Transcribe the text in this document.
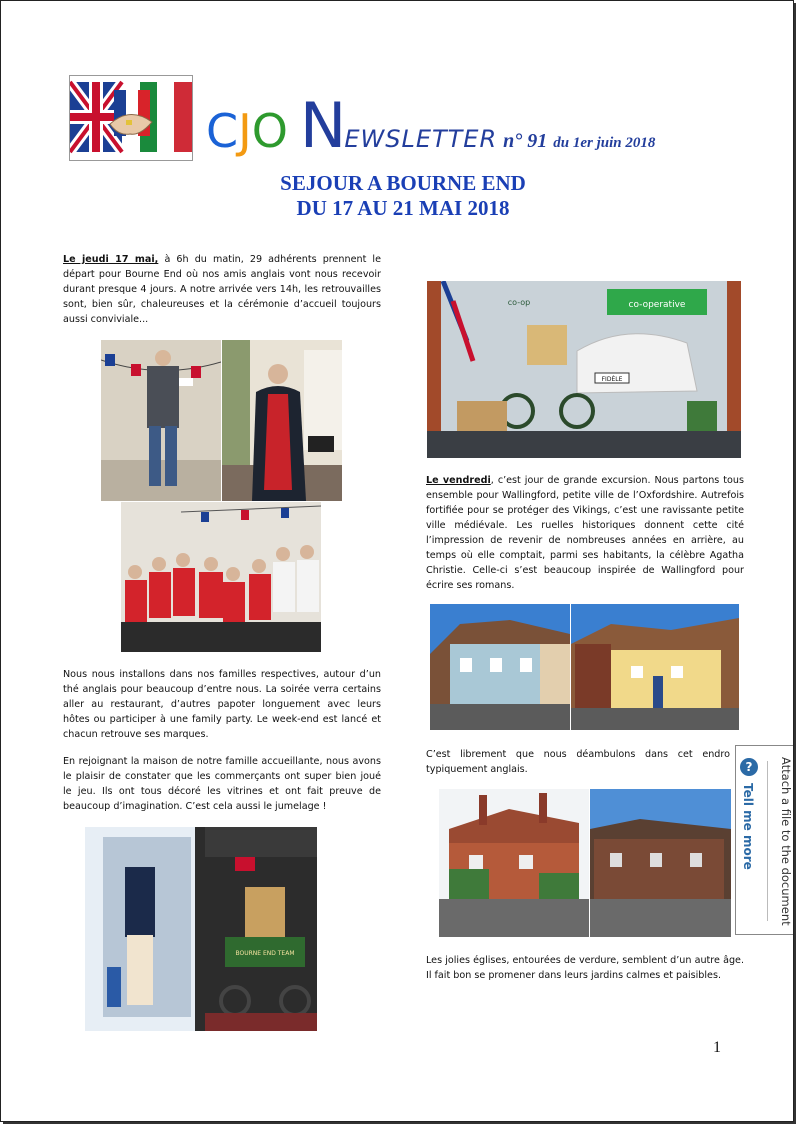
CJO NEWSLETTER n° 91 du 1er juin 2018
SEJOUR A BOURNE END
DU 17 AU 21 MAI 2018

Le jeudi 17 mai, à 6h du matin, 29 adhérents prennent le départ pour Bourne End où nos amis anglais vont nous recevoir durant presque 4 jours. A notre arrivée vers 14h, les retrouvailles sont, bien sûr, chaleureuses et la cérémonie d’accueil toujours aussi conviviale...

Nous nous installons dans nos familles respectives, autour d’un thé anglais pour beaucoup d’entre nous. La soirée verra certains aller au restaurant, d’autres papoter longuement avec leurs hôtes ou participer à une family party. Le week-end est lancé et chacun retrouve ses marques.
En rejoignant la maison de notre famille accueillante, nous avons le plaisir de constater que les commerçants ont super bien joué le jeu. Ils ont tous décoré les vitrines et ont fait preuve de beaucoup d’imagination. C’est cela aussi le jumelage !
BOURNE END TEAM
co-operative
co-op
FIDÈLE

Le vendredi, c’est jour de grande excursion. Nous partons tous ensemble pour Wallingford, petite ville de l’Oxfordshire. Autrefois fortifiée pour se protéger des Vikings, c’est une ravissante petite ville médiévale. Les ruelles historiques donnent cette cité l’impression de revenir de nombreuses années en arrière, au temps où elle comptait, parmi ses habitants, la célèbre Agatha Christie. Celle-ci s’est beaucoup inspirée de Wallingford pour écrire ses romans.

C’est librement que nous déambulons dans cet endro typiquement anglais.
Les jolies églises, entourées de verdure, semblent d’un autre âge. Il fait bon se promener dans leurs jardins calmes et paisibles.
1
?
Tell me more Attach a file to the document
